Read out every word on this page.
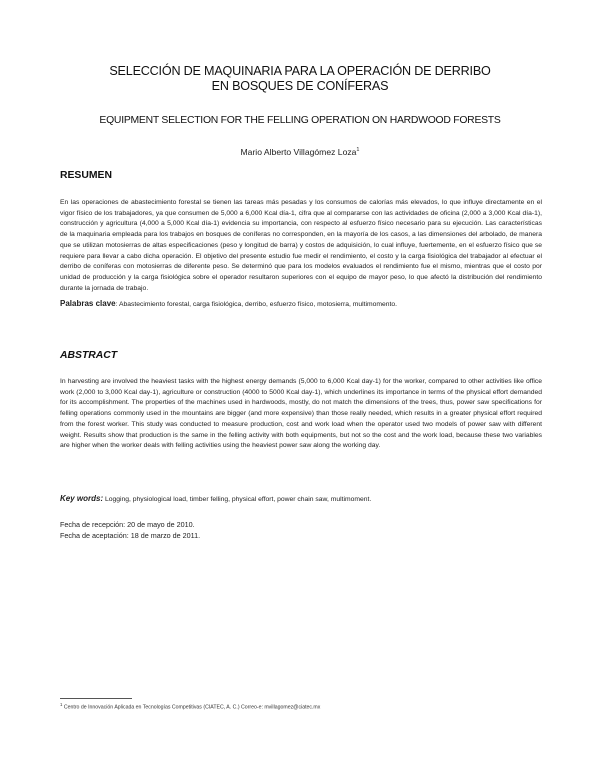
SELECCIÓN DE MAQUINARIA PARA LA OPERACIÓN DE DERRIBO
EN BOSQUES DE CONÍFERAS
EQUIPMENT SELECTION FOR THE FELLING OPERATION ON HARDWOOD FORESTS
Mario Alberto Villagómez Loza$^1$
RESUMEN
En las operaciones de abastecimiento forestal se tienen las tareas más pesadas y los consumos de calorías más elevados, lo que influye directamente en el vigor físico de los trabajadores, ya que consumen de 5,000 a 6,000 Kcal día-1, cifra que al compararse con las actividades de oficina (2,000 a 3,000 Kcal día-1), construcción y agricultura (4,000 a 5,000 Kcal día-1) evidencia su importancia, con respecto al esfuerzo físico necesario para su ejecución. Las características de la maquinaria empleada para los trabajos en bosques de coníferas no corresponden, en la mayoría de los casos, a las dimensiones del arbolado, de manera que se utilizan motosierras de altas especificaciones (peso y longitud de barra) y costos de adquisición, lo cual influye, fuertemente, en el esfuerzo físico que se requiere para llevar a cabo dicha operación. El objetivo del presente estudio fue medir el rendimiento, el costo y la carga fisiológica del trabajador al efectuar el derribo de coníferas con motosierras de diferente peso. Se determinó que para los modelos evaluados el rendimiento fue el mismo, mientras que el costo por unidad de producción y la carga fisiológica sobre el operador resultaron superiores con el equipo de mayor peso, lo que afectó la distribución del rendimiento durante la jornada de trabajo.
Palabras clave: Abastecimiento forestal, carga fisiológica, derribo, esfuerzo físico, motosierra, multimomento.
ABSTRACT
In harvesting are involved the heaviest tasks with the highest energy demands (5,000 to 6,000 Kcal day-1) for the worker, compared to other activities like office work (2,000 to 3,000 Kcal day-1), agriculture or construction (4000 to 5000 Kcal day-1), which underlines its importance in terms of the physical effort demanded for its accomplishment. The properties of the machines used in hardwoods, mostly, do not match the dimensions of the trees, thus, power saw specifications for felling operations commonly used in the mountains are bigger (and more expensive) than those really needed, which results in a greater physical effort required from the forest worker. This study was conducted to measure production, cost and work load when the operator used two models of power saw with different weight. Results show that production is the same in the felling activity with both equipments, but not so the cost and the work load, because these two variables are higher when the worker deals with felling activities using the heaviest power saw along the working day.
Key words: Logging, physiological load, timber felling, physical effort, power chain saw, multimoment.
Fecha de recepción: 20 de mayo de 2010.
Fecha de aceptación: 18 de marzo de 2011.
$^1$ Centro de Innovación Aplicada en Tecnologías Competitivas (CIATEC, A. C.) Correo-e: mvillagomez@ciatec.mx
